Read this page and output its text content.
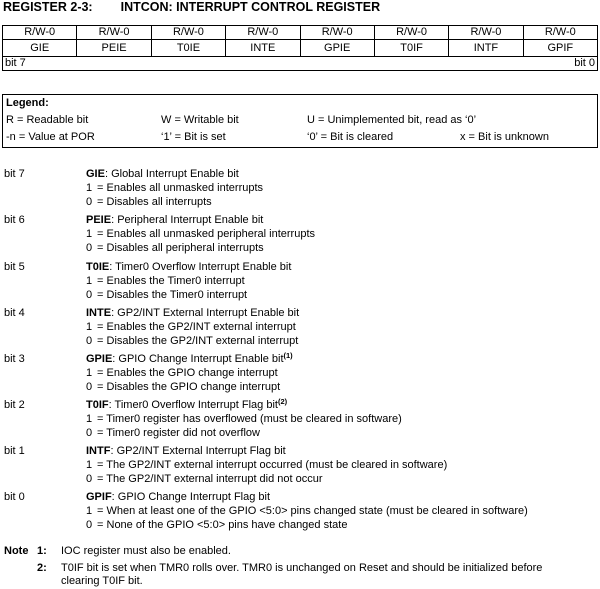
REGISTER 2-3: INTCON: INTERRUPT CONTROL REGISTER
R/W-0	R/W-0	R/W-0	R/W-0	R/W-0	R/W-0	R/W-0	R/W-0
GIE	PEIE	T0IE	INTE	GPIE	T0IF	INTF	GPIF
bit 7 bit 0							
Legend:
R = Readable bit	W = Writable bit	U = Unimplemented bit, read as ‘0’
-n = Value at POR	‘1’ = Bit is set	‘0’ = Bit is cleared	x = Bit is unknown
bit 7	GIE: Global Interrupt Enable bit
1 = Enables all unmasked interrupts
0 = Disables all interrupts
bit 6	PEIE: Peripheral Interrupt Enable bit
1 = Enables all unmasked peripheral interrupts
0 = Disables all peripheral interrupts
bit 5	T0IE: Timer0 Overflow Interrupt Enable bit
1 = Enables the Timer0 interrupt
0 = Disables the Timer0 interrupt
bit 4	INTE: GP2/INT External Interrupt Enable bit
1 = Enables the GP2/INT external interrupt
0 = Disables the GP2/INT external interrupt
bit 3	GPIE: GPIO Change Interrupt Enable bit$^{(1)}$
1 = Enables the GPIO change interrupt
0 = Disables the GPIO change interrupt
bit 2	T0IF: Timer0 Overflow Interrupt Flag bit$^{(2)}$
1 = Timer0 register has overflowed (must be cleared in software)
0 = Timer0 register did not overflow
bit 1	INTF: GP2/INT External Interrupt Flag bit
1 = The GP2/INT external interrupt occurred (must be cleared in software)
0 = The GP2/INT external interrupt did not occur
bit 0	GPIF: GPIO Change Interrupt Flag bit
1 = When at least one of the GPIO <5:0> pins changed state (must be cleared in software)
0 = None of the GPIO <5:0> pins have changed state
Note 1: IOC register must also be enabled.
2: T0IF bit is set when TMR0 rolls over. TMR0 is unchanged on Reset and should be initialized before
clearing T0IF bit.
